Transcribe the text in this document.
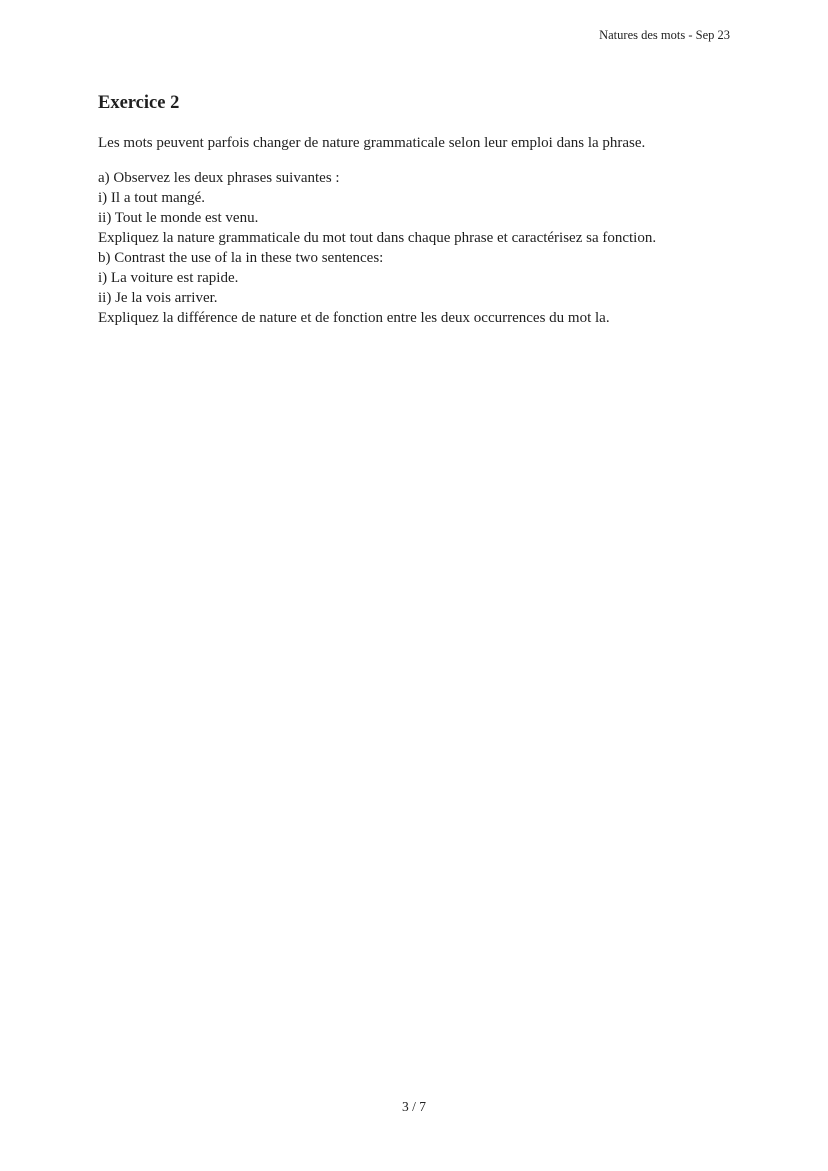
Natures des mots - Sep 23
Exercice 2

Les mots peuvent parfois changer de nature grammaticale selon leur emploi dans la phrase.

a) Observez les deux phrases suivantes :
i) Il a tout mangé.
ii) Tout le monde est venu.
Expliquez la nature grammaticale du mot tout dans chaque phrase et caractérisez sa fonction.
b) Contrast the use of la in these two sentences:
i) La voiture est rapide.
ii) Je la vois arriver.
Expliquez la différence de nature et de fonction entre les deux occurrences du mot la.
3 / 7
